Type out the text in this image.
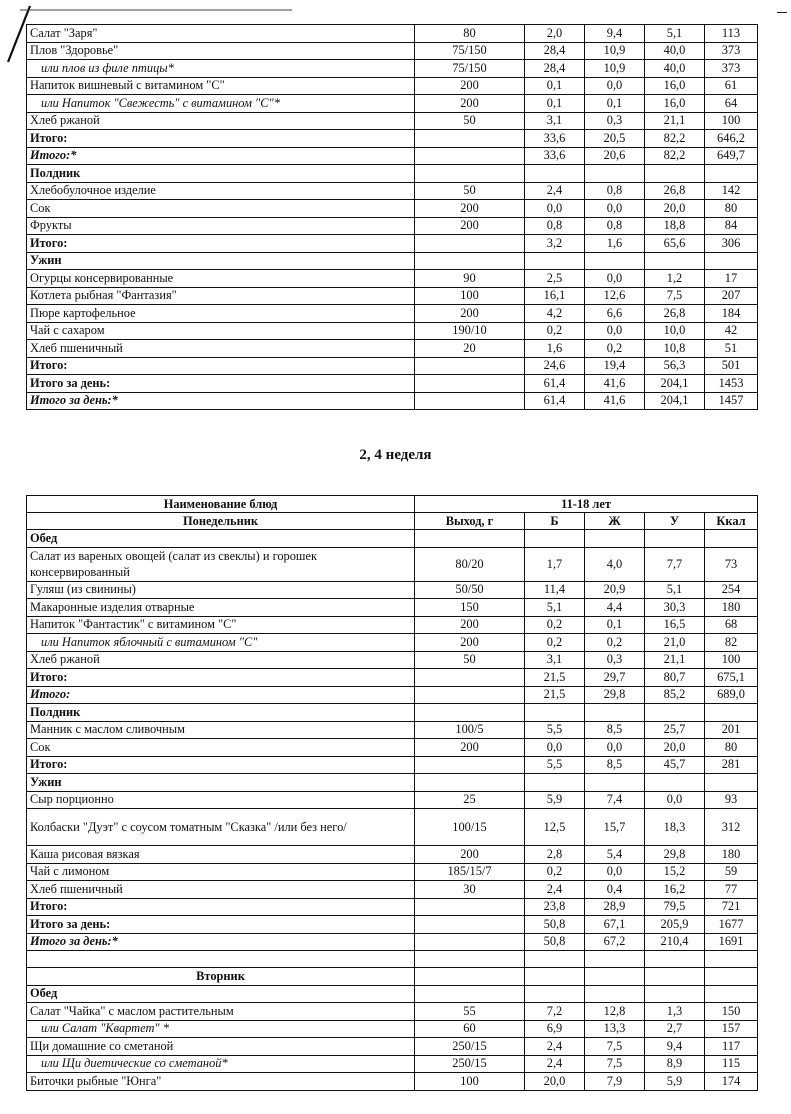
Салат "Заря"	80	2,0	9,4	5,1	113
Плов "Здоровье"	75/150	28,4	10,9	40,0	373
или плов из филе птицы*	75/150	28,4	10,9	40,0	373
Напиток вишневый с витамином "С"	200	0,1	0,0	16,0	61
или Напиток "Свежесть" с витамином "С"*	200	0,1	0,1	16,0	64
Хлеб ржаной	50	3,1	0,3	21,1	100
Итого:		33,6	20,5	82,2	646,2
Итого:*		33,6	20,6	82,2	649,7
Полдник					
Хлебобулочное изделие	50	2,4	0,8	26,8	142
Сок	200	0,0	0,0	20,0	80
Фрукты	200	0,8	0,8	18,8	84
Итого:		3,2	1,6	65,6	306
Ужин					
Огурцы консервированные	90	2,5	0,0	1,2	17
Котлета рыбная "Фантазия"	100	16,1	12,6	7,5	207
Пюре картофельное	200	4,2	6,6	26,8	184
Чай с сахаром	190/10	0,2	0,0	10,0	42
Хлеб пшеничный	20	1,6	0,2	10,8	51
Итого:		24,6	19,4	56,3	501
Итого за день:		61,4	41,6	204,1	1453
Итого за день:*		61,4	41,6	204,1	1457
2, 4 неделя
Наименование блюд	11-18 лет				
Понедельник	Выход, г	Б	Ж	У	Ккал
Обед					
Салат из вареных овощей (салат из свеклы) и горошек консервированный	80/20	1,7	4,0	7,7	73
Гуляш (из свинины)	50/50	11,4	20,9	5,1	254
Макаронные изделия отварные	150	5,1	4,4	30,3	180
Напиток "Фантастик" с витамином "С"	200	0,2	0,1	16,5	68
или Напиток яблочный с витамином "С"	200	0,2	0,2	21,0	82
Хлеб ржаной	50	3,1	0,3	21,1	100
Итого:		21,5	29,7	80,7	675,1
Итого:		21,5	29,8	85,2	689,0
Полдник					
Манник с маслом сливочным	100/5	5,5	8,5	25,7	201
Сок	200	0,0	0,0	20,0	80
Итого:		5,5	8,5	45,7	281
Ужин					
Сыр порционно	25	5,9	7,4	0,0	93
Колбаски "Дуэт" с соусом томатным "Сказка" /или без него/	100/15	12,5	15,7	18,3	312
Каша рисовая вязкая	200	2,8	5,4	29,8	180
Чай с лимоном	185/15/7	0,2	0,0	15,2	59
Хлеб пшеничный	30	2,4	0,4	16,2	77
Итого:		23,8	28,9	79,5	721
Итого за день:		50,8	67,1	205,9	1677
Итого за день:*		50,8	67,2	210,4	1691

Вторник					
Обед					
Салат "Чайка" с маслом растительным	55	7,2	12,8	1,3	150
или Салат "Квартет" *	60	6,9	13,3	2,7	157
Щи домашние со сметаной	250/15	2,4	7,5	9,4	117
или Щи диетические со сметаной*	250/15	2,4	7,5	8,9	115
Биточки рыбные "Юнга"	100	20,0	7,9	5,9	174
